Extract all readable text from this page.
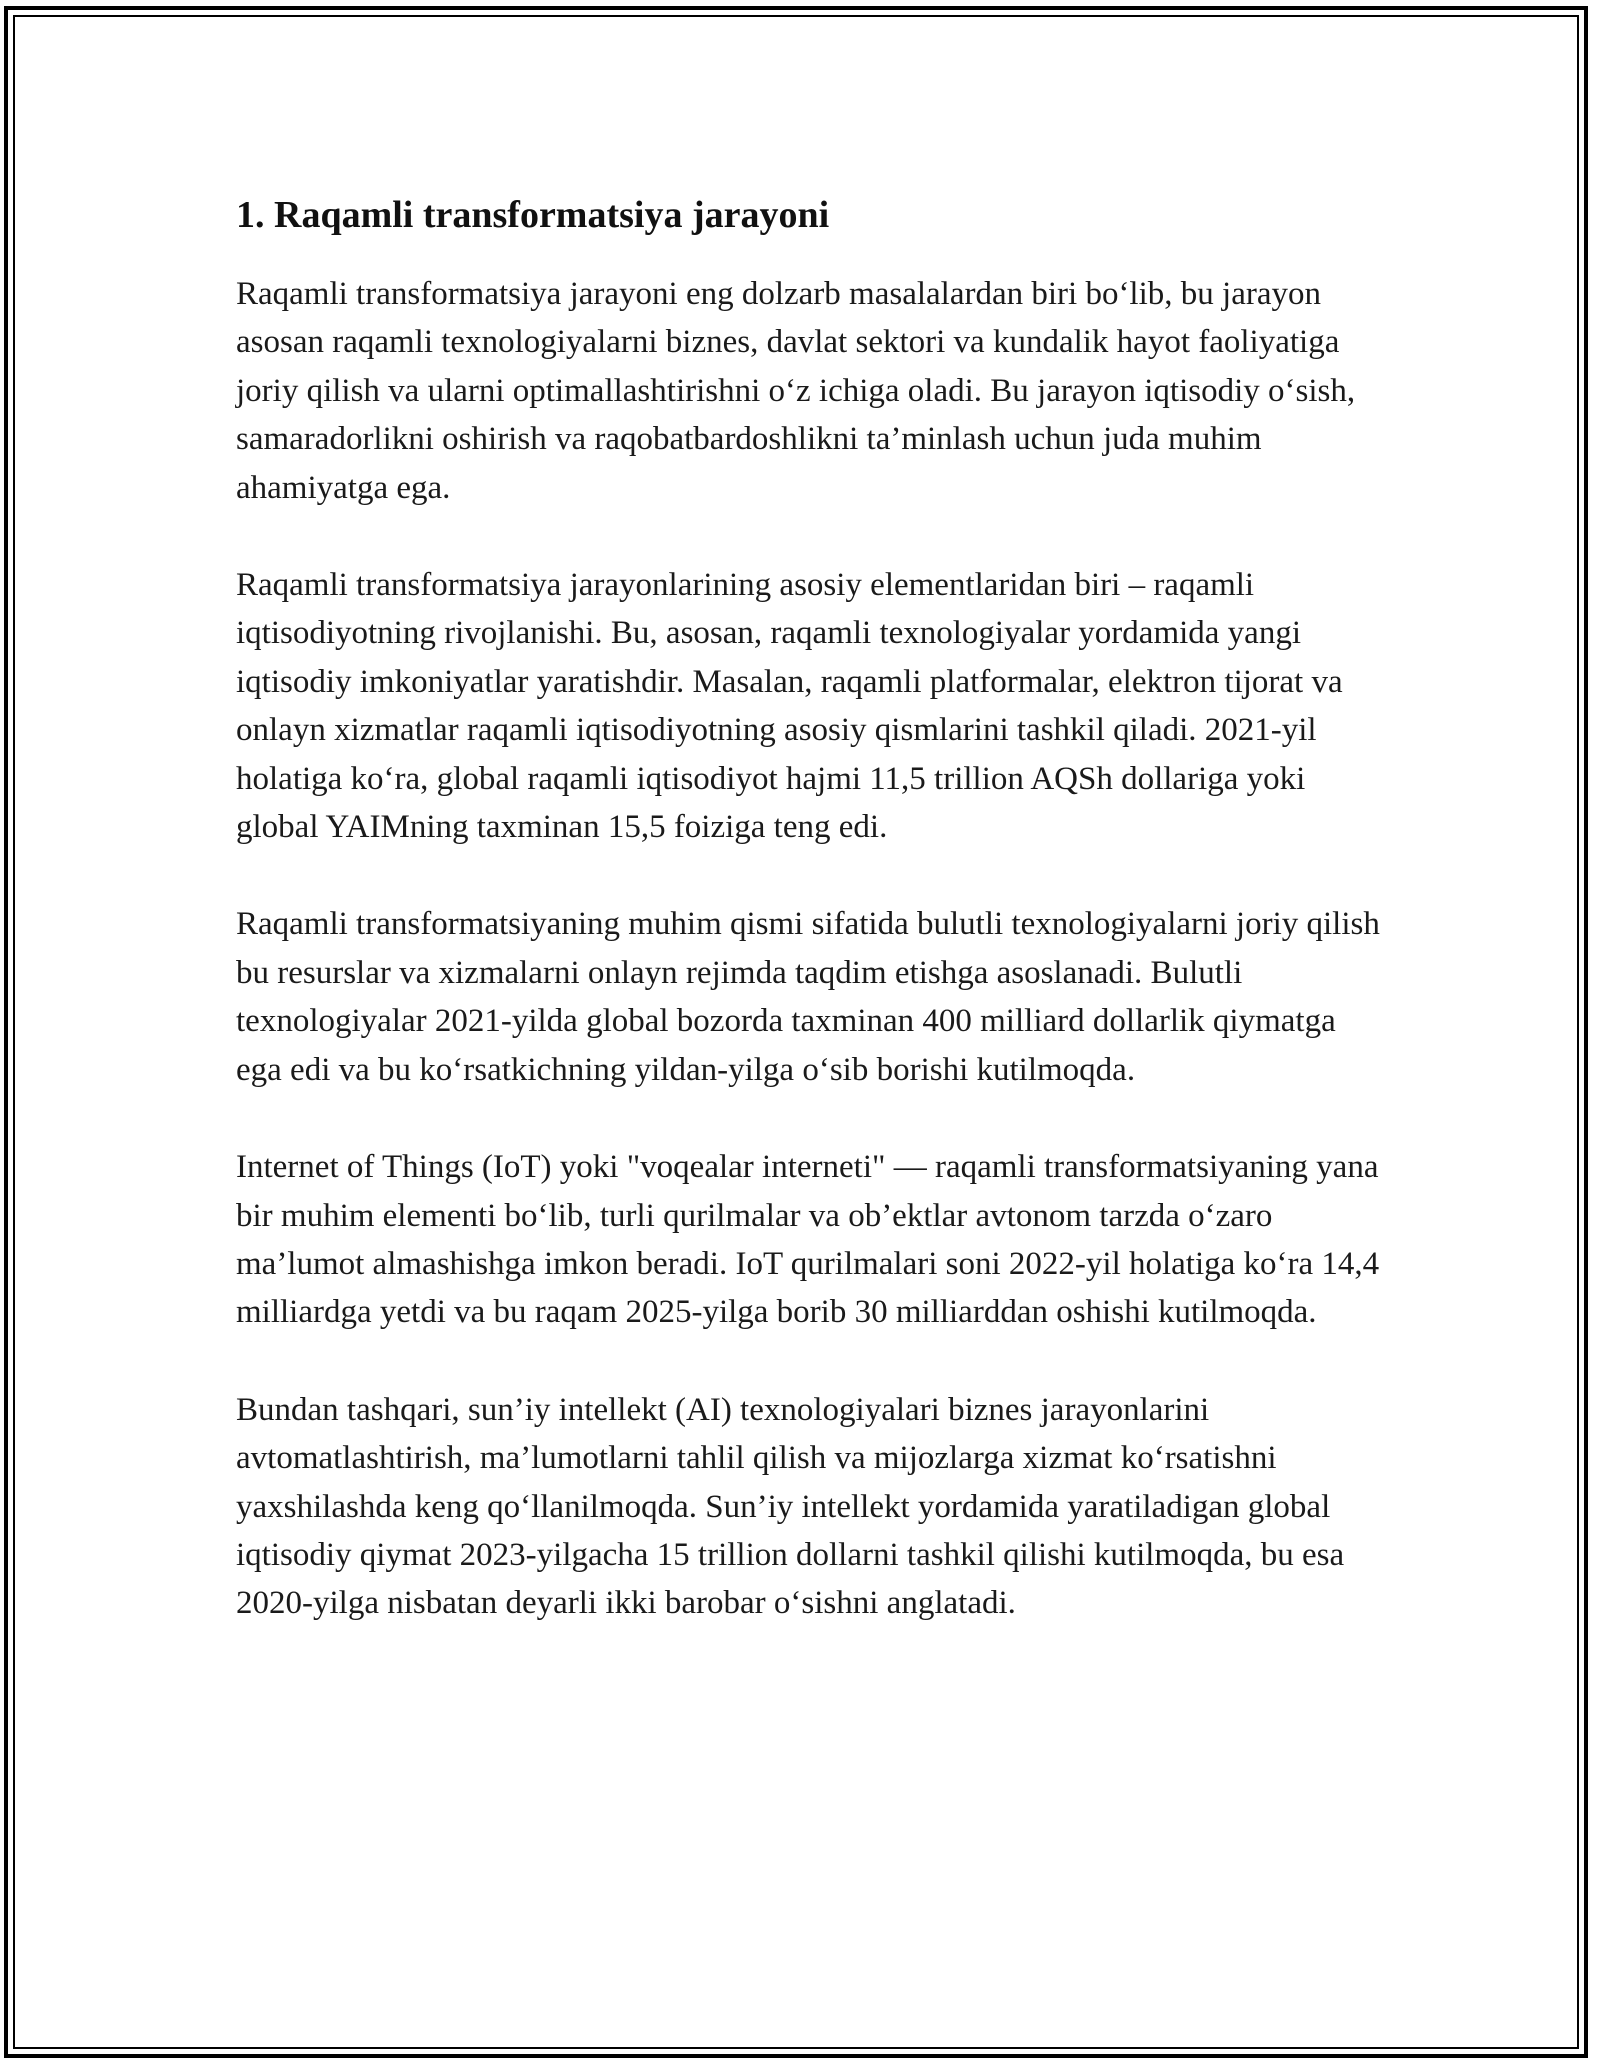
1. Raqamli transformatsiya jarayoni

Raqamli transformatsiya jarayoni eng dolzarb masalalardan biri bo‘lib, bu jarayon asosan raqamli texnologiyalarni biznes, davlat sektori va kundalik hayot faoliyatiga joriy qilish va ularni optimallashtirishni o‘z ichiga oladi. Bu jarayon iqtisodiy o‘sish, samaradorlikni oshirish va raqobatbardoshlikni ta’minlash uchun juda muhim ahamiyatga ega.

Raqamli transformatsiya jarayonlarining asosiy elementlaridan biri – raqamli iqtisodiyotning rivojlanishi. Bu, asosan, raqamli texnologiyalar yordamida yangi iqtisodiy imkoniyatlar yaratishdir. Masalan, raqamli platformalar, elektron tijorat va onlayn xizmatlar raqamli iqtisodiyotning asosiy qismlarini tashkil qiladi. 2021-yil holatiga ko‘ra, global raqamli iqtisodiyot hajmi 11,5 trillion AQSh dollariga yoki global YAIMning taxminan 15,5 foiziga teng edi.

Raqamli transformatsiyaning muhim qismi sifatida bulutli texnologiyalarni joriy qilish bu resurslar va xizmalarni onlayn rejimda taqdim etishga asoslanadi. Bulutli texnologiyalar 2021-yilda global bozorda taxminan 400 milliard dollarlik qiymatga ega edi va bu ko‘rsatkichning yildan-yilga o‘sib borishi kutilmoqda.

Internet of Things (IoT) yoki "voqealar interneti" — raqamli transformatsiyaning yana bir muhim elementi bo‘lib, turli qurilmalar va ob’ektlar avtonom tarzda o‘zaro ma’lumot almashishga imkon beradi. IoT qurilmalari soni 2022-yil holatiga ko‘ra 14,4 milliardga yetdi va bu raqam 2025-yilga borib 30 milliarddan oshishi kutilmoqda.

Bundan tashqari, sun’iy intellekt (AI) texnologiyalari biznes jarayonlarini avtomatlashtirish, ma’lumotlarni tahlil qilish va mijozlarga xizmat ko‘rsatishni yaxshilashda keng qo‘llanilmoqda. Sun’iy intellekt yordamida yaratiladigan global iqtisodiy qiymat 2023-yilgacha 15 trillion dollarni tashkil qilishi kutilmoqda, bu esa 2020-yilga nisbatan deyarli ikki barobar o‘sishni anglatadi.
